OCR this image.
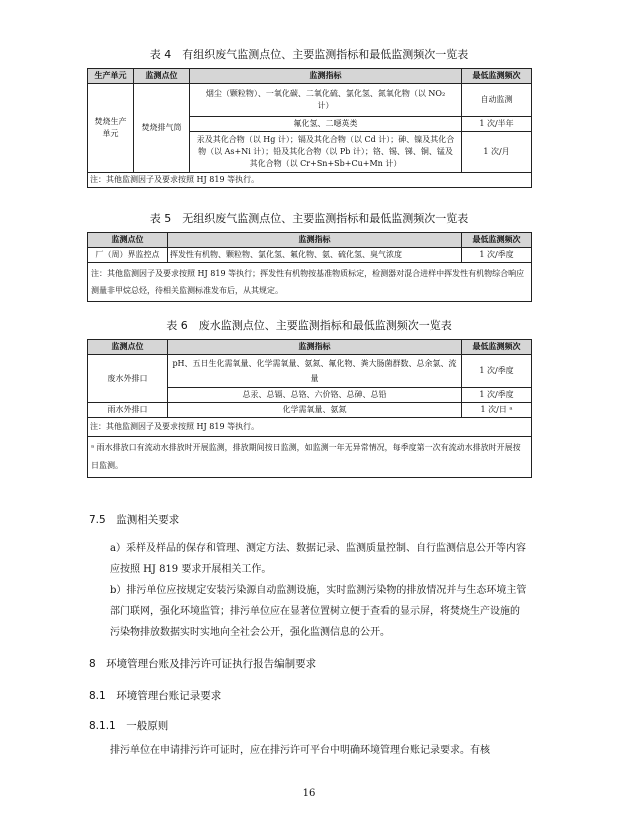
表 4　有组织废气监测点位、主要监测指标和最低监测频次一览表
生产单元	监测点位	监测指标	最低监测频次
焚烧生产单元	焚烧排气筒	烟尘（颗粒物）、一氧化碳、二氧化硫、氯化氢、氮氧化物（以 NO₂计）	自动监测
		氟化氢、二噁英类	1 次/半年
		汞及其化合物（以 Hg 计）；镉及其化合物（以 Cd 计）；砷、镍及其化合物（以 As+Ni 计）；铅及其化合物（以 Pb 计）；铬、锡、锑、铜、锰及其化合物（以 Cr+Sn+Sb+Cu+Mn 计）	1 次/月
注：其他监测因子及要求按照 HJ 819 等执行。			
表 5　无组织废气监测点位、主要监测指标和最低监测频次一览表
监测点位	监测指标	最低监测频次
厂（周）界监控点	挥发性有机物、颗粒物、氯化氢、氟化物、氨、硫化氢、臭气浓度	1 次/季度
注：其他监测因子及要求按照 HJ 819 等执行；挥发性有机物按基准物质标定，检测器对混合进样中挥发性有机物综合响应测量非甲烷总烃，待相关监测标准发布后，从其规定。		
表 6　废水监测点位、主要监测指标和最低监测频次一览表
监测点位	监测指标	最低监测频次
废水外排口	pH、五日生化需氧量、化学需氧量、氨氮、氟化物、粪大肠菌群数、总余氯、流量	1 次/季度
	总汞、总镉、总铬、六价铬、总砷、总铅	1 次/季度
雨水外排口	化学需氧量、氨氮	1 次/日 ᵃ
注：其他监测因子及要求按照 HJ 819 等执行。		
ᵃ 雨水排放口有流动水排放时开展监测，排放期间按日监测，如监测一年无异常情况，每季度第一次有流动水排放时开展按日监测。		
7.5　监测相关要求
a）采样及样品的保存和管理、测定方法、数据记录、监测质量控制、自行监测信息公开等内容应按照 HJ 819 要求开展相关工作。
b）排污单位应按规定安装污染源自动监测设施，实时监测污染物的排放情况并与生态环境主管部门联网，强化环境监管；排污单位应在显著位置树立便于查看的显示屏，将焚烧生产设施的污染物排放数据实时实地向全社会公开，强化监测信息的公开。
8　环境管理台账及排污许可证执行报告编制要求
8.1　环境管理台账记录要求
8.1.1　一般原则
排污单位在申请排污许可证时，应在排污许可平台中明确环境管理台账记录要求。有核
16
